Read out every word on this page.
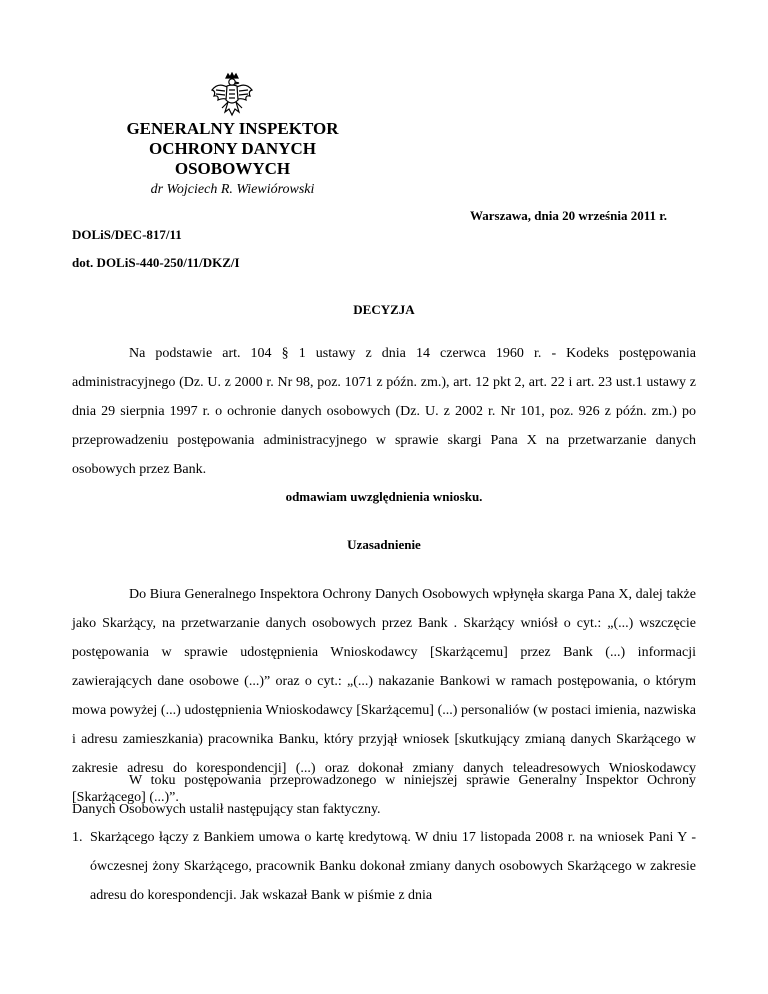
GENERALNY INSPEKTOR OCHRONY DANYCH OSOBOWYCH
dr Wojciech R. Wiewiórowski
Warszawa, dnia 20 września 2011 r.
DOLiS/DEC-817/11
dot. DOLiS-440-250/11/DKZ/I
DECYZJA

Na podstawie art. 104 § 1 ustawy z dnia 14 czerwca 1960 r. - Kodeks postępowania administracyjnego (Dz. U. z 2000 r. Nr 98, poz. 1071 z późn. zm.), art. 12 pkt 2, art. 22 i art. 23 ust.1 ustawy z dnia 29 sierpnia 1997 r. o ochronie danych osobowych (Dz. U. z 2002 r. Nr 101, poz. 926 z późn. zm.) po przeprowadzeniu postępowania administracyjnego w sprawie skargi Pana X na przetwarzanie danych osobowych przez Bank.

odmawiam uwzględnienia wniosku.
Uzasadnienie

Do Biura Generalnego Inspektora Ochrony Danych Osobowych wpłynęła skarga Pana X, dalej także jako Skarżący, na przetwarzanie danych osobowych przez Bank . Skarżący wniósł o cyt.: „(...) wszczęcie postępowania w sprawie udostępnienia Wnioskodawcy [Skarżącemu] przez Bank (...) informacji zawierających dane osobowe (...)” oraz o cyt.: „(...) nakazanie Bankowi w ramach postępowania, o którym mowa powyżej (...) udostępnienia Wnioskodawcy [Skarżącemu] (...) personaliów (w postaci imienia, nazwiska i adresu zamieszkania) pracownika Banku, który przyjął wniosek [skutkujący zmianą danych Skarżącego w zakresie adresu do korespondencji] (...) oraz dokonał zmiany danych teleadresowych Wnioskodawcy [Skarżącego] (...)”.

W toku postępowania przeprowadzonego w niniejszej sprawie Generalny Inspektor Ochrony Danych Osobowych ustalił następujący stan faktyczny.

1. Skarżącego łączy z Bankiem umowa o kartę kredytową. W dniu 17 listopada 2008 r. na wniosek Pani Y - ówczesnej żony Skarżącego, pracownik Banku dokonał zmiany danych osobowych Skarżącego w zakresie adresu do korespondencji. Jak wskazał Bank w piśmie z dnia
